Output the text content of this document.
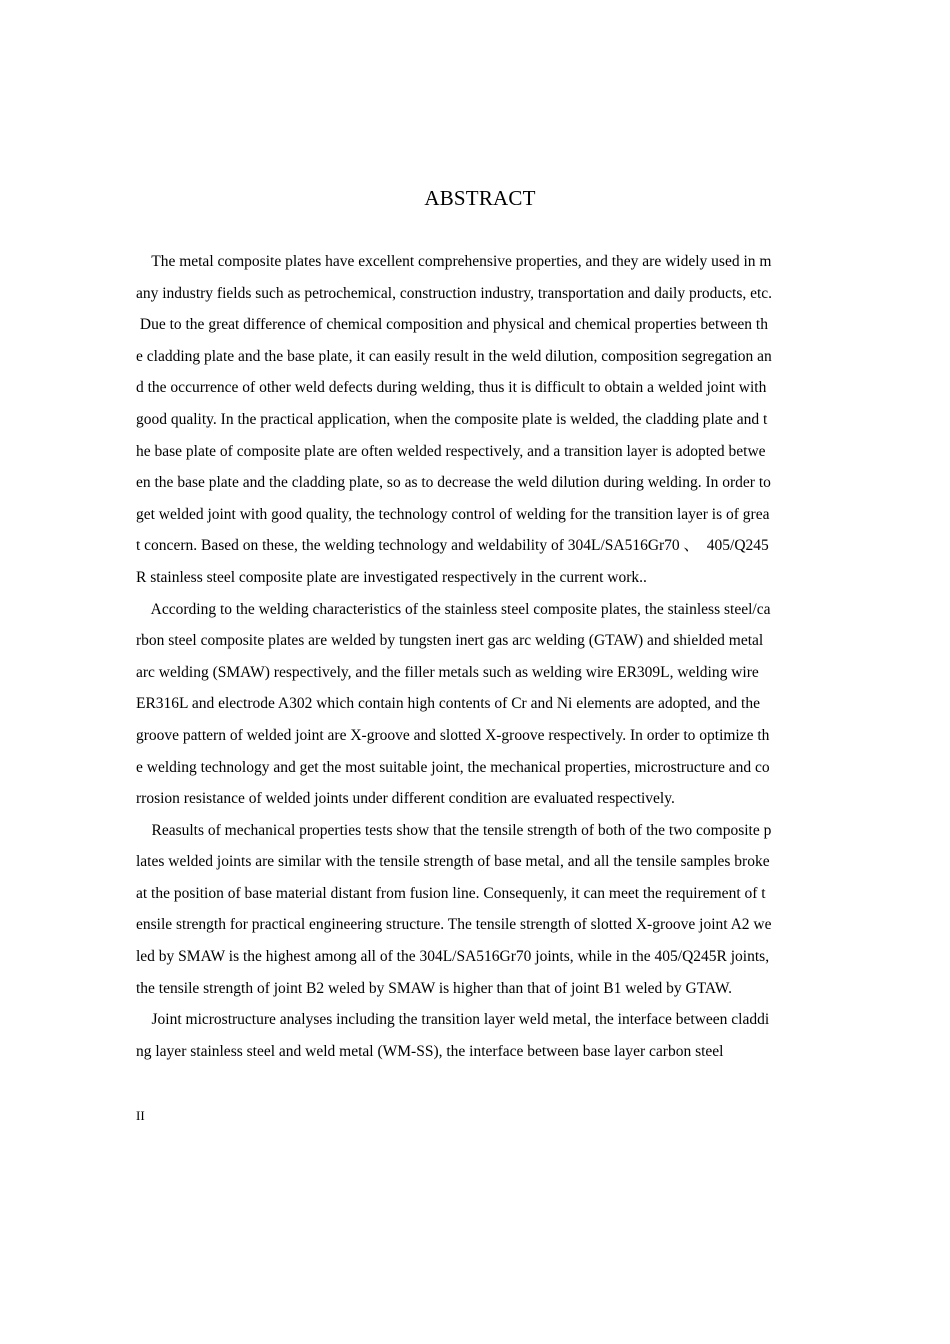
ABSTRACT
The metal composite plates have excellent comprehensive properties, and they are widely used in m
any industry fields such as petrochemical, construction industry, transportation and daily products, etc.
Due to the great difference of chemical composition and physical and chemical properties between th
e cladding plate and the base plate, it can easily result in the weld dilution, composition segregation an
d the occurrence of other weld defects during welding, thus it is difficult to obtain a welded joint with
good quality. In the practical application, when the composite plate is welded, the cladding plate and t
he base plate of composite plate are often welded respectively, and a transition layer is adopted betwe
en the base plate and the cladding plate, so as to decrease the weld dilution during welding. In order to
get welded joint with good quality, the technology control of welding for the transition layer is of grea
t concern. Based on these, the welding technology and weldability of 304L/SA516Gr70 、  405/Q245
R stainless steel composite plate are investigated respectively in the current work..
According to the welding characteristics of the stainless steel composite plates, the stainless steel/ca
rbon steel composite plates are welded by tungsten inert gas arc welding (GTAW) and shielded metal
arc welding (SMAW) respectively, and the filler metals such as welding wire ER309L, welding wire
ER316L and electrode A302 which contain high contents of Cr and Ni elements are adopted, and the
groove pattern of welded joint are X-groove and slotted X-groove respectively. In order to optimize th
e welding technology and get the most suitable joint, the mechanical properties, microstructure and co
rrosion resistance of welded joints under different condition are evaluated respectively.
Reasults of mechanical properties tests show that the tensile strength of both of the two composite p
lates welded joints are similar with the tensile strength of base metal, and all the tensile samples broke
at the position of base material distant from fusion line. Consequenly, it can meet the requirement of t
ensile strength for practical engineering structure. The tensile strength of slotted X-groove joint A2 we
led by SMAW is the highest among all of the 304L/SA516Gr70 joints, while in the 405/Q245R joints,
the tensile strength of joint B2 weled by SMAW is higher than that of joint B1 weled by GTAW.
Joint microstructure analyses including the transition layer weld metal, the interface between claddi
ng layer stainless steel and weld metal (WM-SS), the interface between base layer carbon steel
II
